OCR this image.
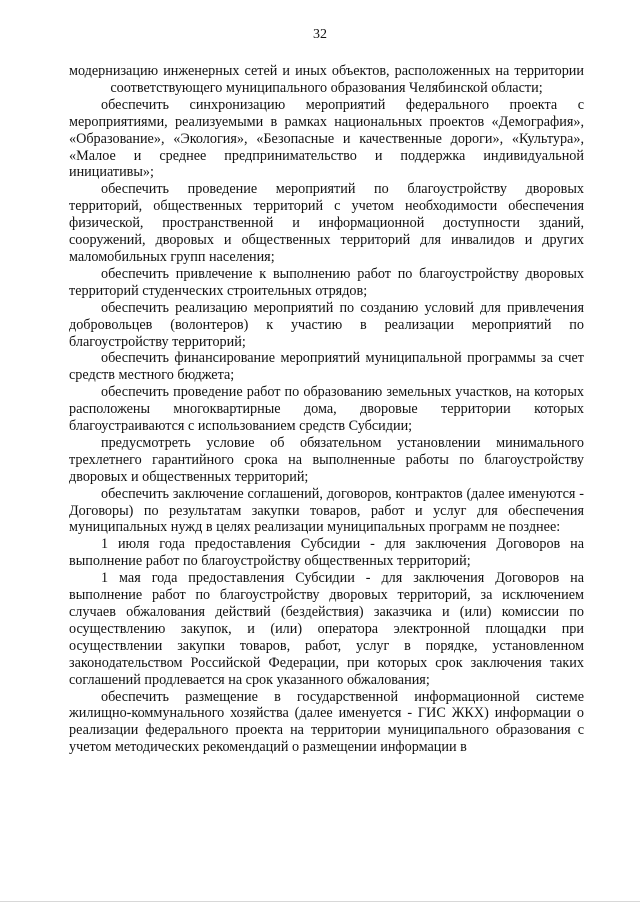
32

модернизацию инженерных сетей и иных объектов, расположенных на территории соответствующего муниципального образования Челябинской области;

обеспечить синхронизацию мероприятий федерального проекта с мероприятиями, реализуемыми в рамках национальных проектов «Демография», «Образование», «Экология», «Безопасные и качественные дороги», «Культура», «Малое и среднее предпринимательство и поддержка индивидуальной инициативы»;

обеспечить проведение мероприятий по благоустройству дворовых территорий, общественных территорий с учетом необходимости обеспечения физической, пространственной и информационной доступности зданий, сооружений, дворовых и общественных территорий для инвалидов и других маломобильных групп населения;

обеспечить привлечение к выполнению работ по благоустройству дворовых территорий студенческих строительных отрядов;

обеспечить реализацию мероприятий по созданию условий для привлечения добровольцев (волонтеров) к участию в реализации мероприятий по благоустройству территорий;

обеспечить финансирование мероприятий муниципальной программы за счет средств местного бюджета;

обеспечить проведение работ по образованию земельных участков, на которых расположены многоквартирные дома, дворовые территории которых благоустраиваются с использованием средств Субсидии;

предусмотреть условие об обязательном установлении минимального трехлетнего гарантийного срока на выполненные работы по благоустройству дворовых и общественных территорий;

обеспечить заключение соглашений, договоров, контрактов (далее именуются - Договоры) по результатам закупки товаров, работ и услуг для обеспечения муниципальных нужд в целях реализации муниципальных программ не позднее:

1 июля года предоставления Субсидии - для заключения Договоров на выполнение работ по благоустройству общественных территорий;

1 мая года предоставления Субсидии - для заключения Договоров на выполнение работ по благоустройству дворовых территорий, за исключением случаев обжалования действий (бездействия) заказчика и (или) комиссии по осуществлению закупок, и (или) оператора электронной площадки при осуществлении закупки товаров, работ, услуг в порядке, установленном законодательством Российской Федерации, при которых срок заключения таких соглашений продлевается на срок указанного обжалования;

обеспечить размещение в государственной информационной системе жилищно-коммунального хозяйства (далее именуется - ГИС ЖКХ) информации о реализации федерального проекта на территории муниципального образования с учетом методических рекомендаций о размещении информации в
